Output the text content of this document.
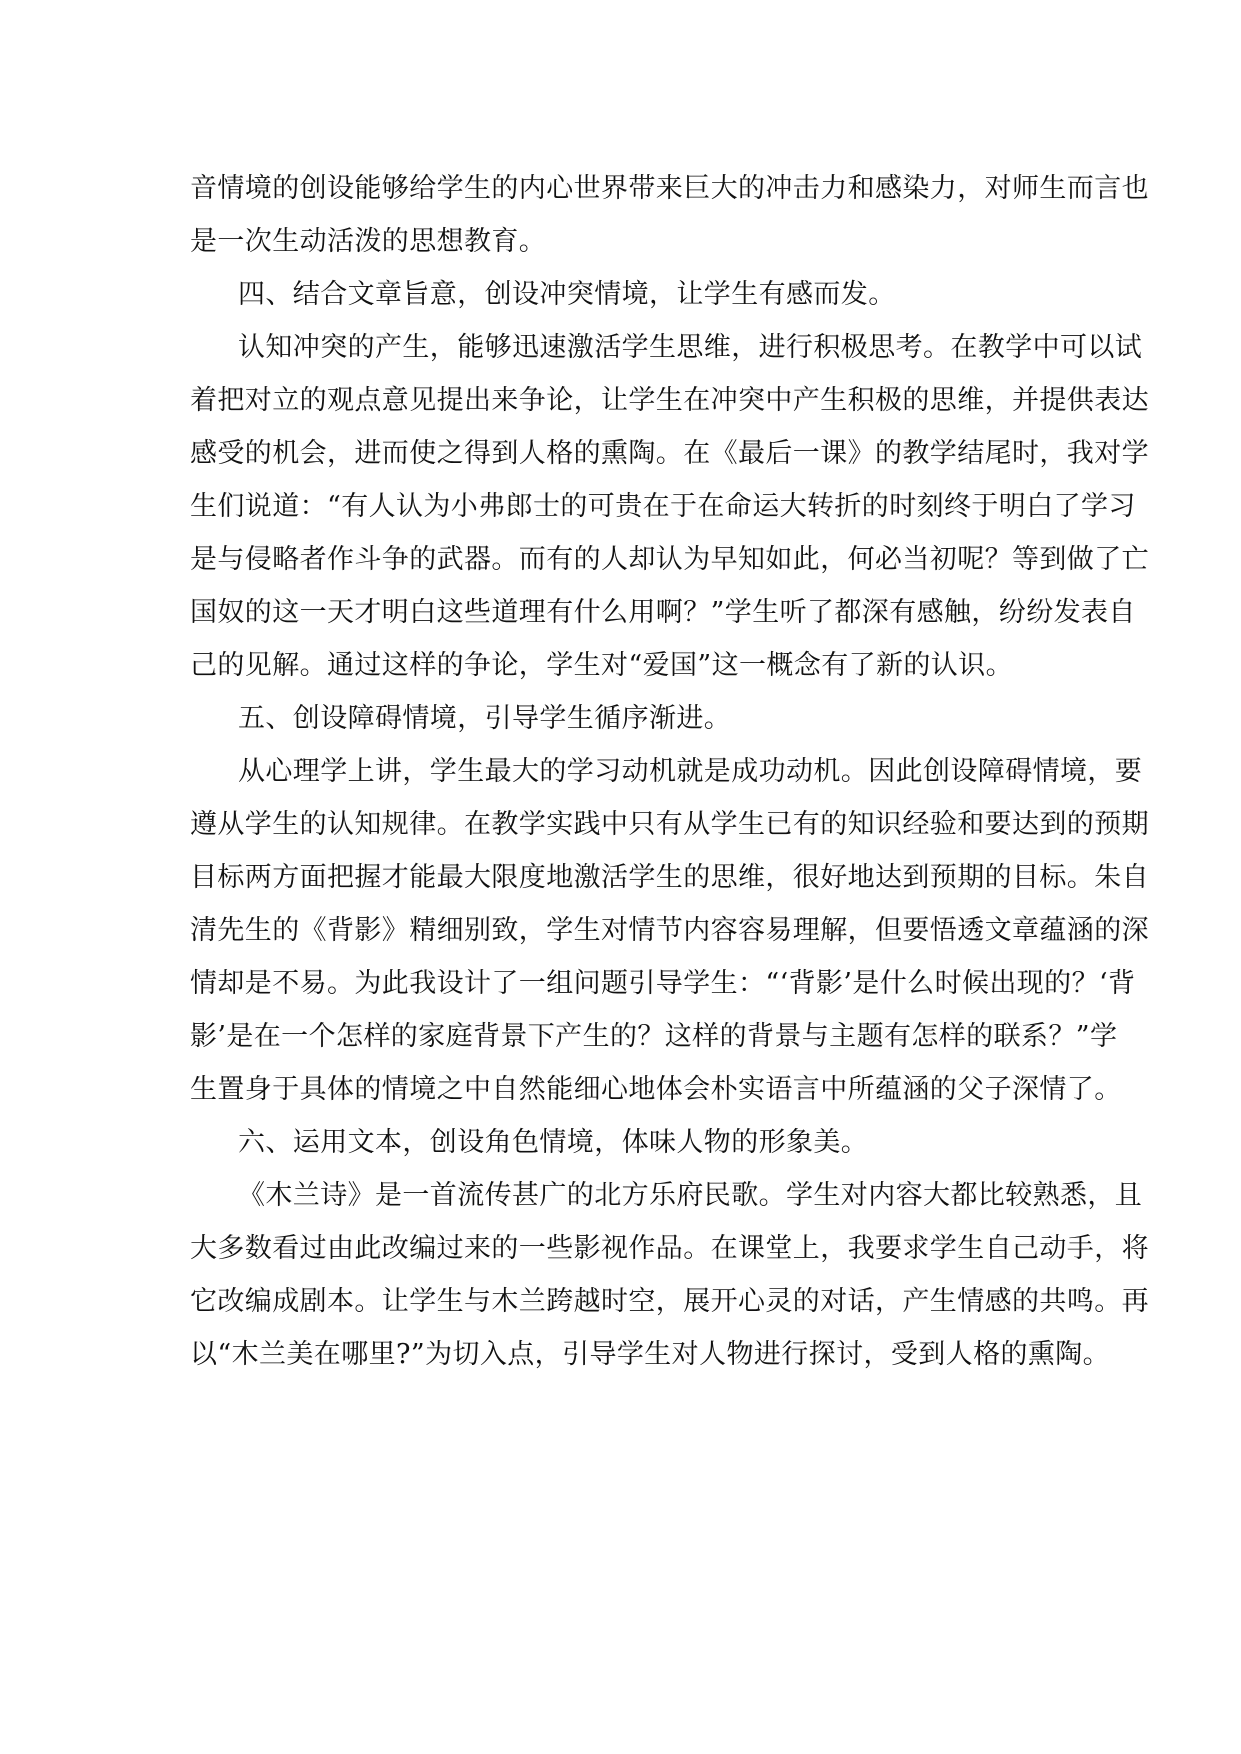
音情境的创设能够给学生的内心世界带来巨大的冲击力和感染力，对师生而言也
是一次生动活泼的思想教育。
四、结合文章旨意，创设冲突情境，让学生有感而发。
认知冲突的产生，能够迅速激活学生思维，进行积极思考。在教学中可以试
着把对立的观点意见提出来争论，让学生在冲突中产生积极的思维，并提供表达
感受的机会，进而使之得到人格的熏陶。在《最后一课》的教学结尾时，我对学
生们说道：“有人认为小弗郎士的可贵在于在命运大转折的时刻终于明白了学习
是与侵略者作斗争的武器。而有的人却认为早知如此，何必当初呢？等到做了亡
国奴的这一天才明白这些道理有什么用啊？”学生听了都深有感触，纷纷发表自
己的见解。通过这样的争论，学生对“爱国”这一概念有了新的认识。
五、创设障碍情境，引导学生循序渐进。
从心理学上讲，学生最大的学习动机就是成功动机。因此创设障碍情境，要
遵从学生的认知规律。在教学实践中只有从学生已有的知识经验和要达到的预期
目标两方面把握才能最大限度地激活学生的思维，很好地达到预期的目标。朱自
清先生的《背影》精细别致，学生对情节内容容易理解，但要悟透文章蕴涵的深
情却是不易。为此我设计了一组问题引导学生：“‘背影’是什么时候出现的？‘背
影’是在一个怎样的家庭背景下产生的？这样的背景与主题有怎样的联系？”学
生置身于具体的情境之中自然能细心地体会朴实语言中所蕴涵的父子深情了。
六、运用文本，创设角色情境，体味人物的形象美。
《木兰诗》是一首流传甚广的北方乐府民歌。学生对内容大都比较熟悉，且
大多数看过由此改编过来的一些影视作品。在课堂上，我要求学生自己动手，将
它改编成剧本。让学生与木兰跨越时空，展开心灵的对话，产生情感的共鸣。再
以“木兰美在哪里?”为切入点，引导学生对人物进行探讨，受到人格的熏陶。
